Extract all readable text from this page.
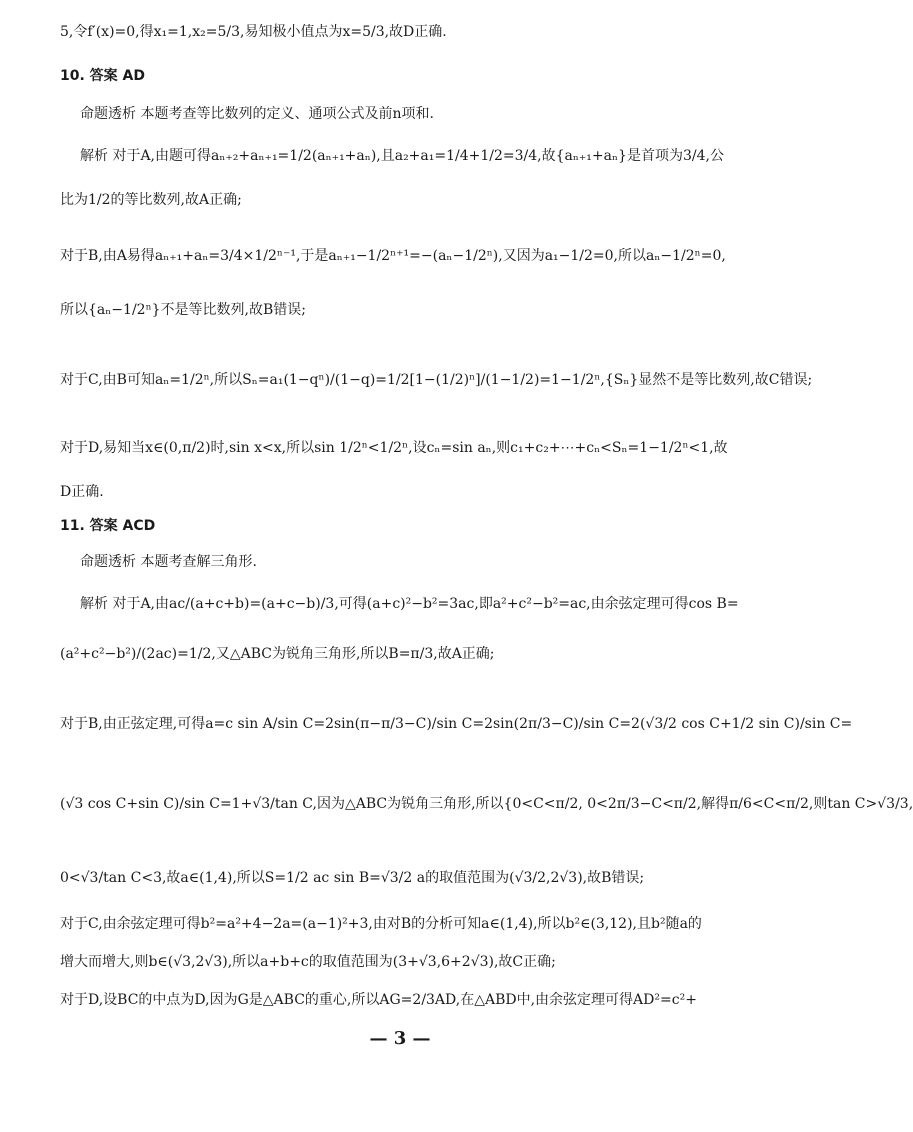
5,令f′(x)=0,得x₁=1,x₂=5/3,易知极小值点为x=5/3,故D正确.
10. 答案 AD
命题透析 本题考查等比数列的定义、通项公式及前n项和.
解析 对于A,由题可得aₙ₊₂+aₙ₊₁=1/2(aₙ₊₁+aₙ),且a₂+a₁=1/4+1/2=3/4,故{aₙ₊₁+aₙ}是首项为3/4,公
比为1/2的等比数列,故A正确;
对于B,由A易得aₙ₊₁+aₙ=3/4×1/2ⁿ⁻¹,于是aₙ₊₁−1/2ⁿ⁺¹=−(aₙ−1/2ⁿ),又因为a₁−1/2=0,所以aₙ−1/2ⁿ=0,
所以{aₙ−1/2ⁿ}不是等比数列,故B错误;
对于C,由B可知aₙ=1/2ⁿ,所以Sₙ=a₁(1−qⁿ)/(1−q)=1/2[1−(1/2)ⁿ]/(1−1/2)=1−1/2ⁿ,{Sₙ}显然不是等比数列,故C错误;
对于D,易知当x∈(0,π/2)时,sin x<x,所以sin 1/2ⁿ<1/2ⁿ,设cₙ=sin aₙ,则c₁+c₂+⋯+cₙ<Sₙ=1−1/2ⁿ<1,故
D正确.
11. 答案 ACD
命题透析 本题考查解三角形.
解析 对于A,由ac/(a+c+b)=(a+c−b)/3,可得(a+c)²−b²=3ac,即a²+c²−b²=ac,由余弦定理可得cos B=
(a²+c²−b²)/(2ac)=1/2,又△ABC为锐角三角形,所以B=π/3,故A正确;
对于B,由正弦定理,可得a=c sin A/sin C=2sin(π−π/3−C)/sin C=2sin(2π/3−C)/sin C=2(√3/2 cos C+1/2 sin C)/sin C=
(√3 cos C+sin C)/sin C=1+√3/tan C,因为△ABC为锐角三角形,所以{0<C<π/2, 0<2π/3−C<π/2,解得π/6<C<π/2,则tan C>√3/3,
0<√3/tan C<3,故a∈(1,4),所以S=1/2 ac sin B=√3/2 a的取值范围为(√3/2,2√3),故B错误;
对于C,由余弦定理可得b²=a²+4−2a=(a−1)²+3,由对B的分析可知a∈(1,4),所以b²∈(3,12),且b²随a的
增大而增大,则b∈(√3,2√3),所以a+b+c的取值范围为(3+√3,6+2√3),故C正确;
对于D,设BC的中点为D,因为G是△ABC的重心,所以AG=2/3AD,在△ABD中,由余弦定理可得AD²=c²+
— 3 —
